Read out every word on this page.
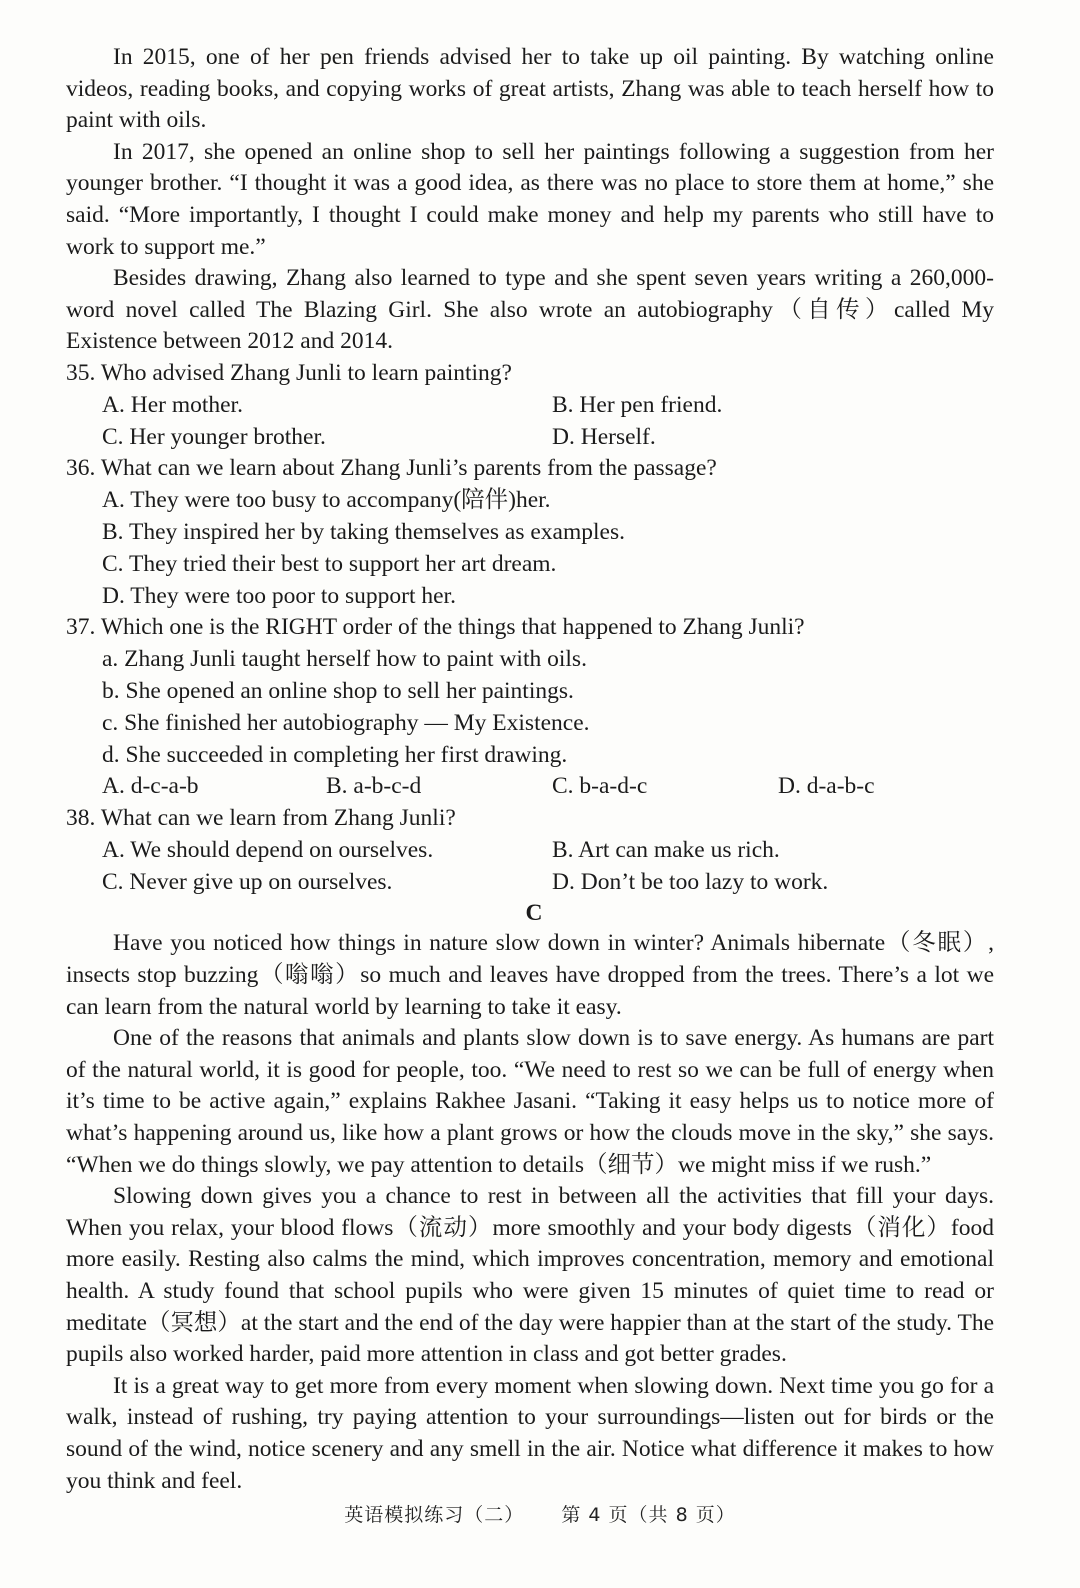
In 2015, one of her pen friends advised her to take up oil painting. By watching online videos, reading books, and copying works of great artists, Zhang was able to teach herself how to paint with oils.

In 2017, she opened an online shop to sell her paintings following a suggestion from her younger brother. “I thought it was a good idea, as there was no place to store them at home,” she said. “More importantly, I thought I could make money and help my parents who still have to work to support me.”

Besides drawing, Zhang also learned to type and she spent seven years writing a 260,000-word novel called The Blazing Girl. She also wrote an autobiography（自传）called My Existence between 2012 and 2014.

35. Who advised Zhang Junli to learn painting?

A. Her mother.	B. Her pen friend.
C. Her younger brother.	D. Herself.

36. What can we learn about Zhang Junli’s parents from the passage?

A. They were too busy to accompany(陪伴)her.
B. They inspired her by taking themselves as examples.
C. They tried their best to support her art dream.
D. They were too poor to support her.

37. Which one is the RIGHT order of the things that happened to Zhang Junli?

a. Zhang Junli taught herself how to paint with oils.
b. She opened an online shop to sell her paintings.
c. She finished her autobiography — My Existence.
d. She succeeded in completing her first drawing.
A. d-c-a-b	B. a-b-c-d	C. b-a-d-c	D. d-a-b-c

38. What can we learn from Zhang Junli?

A. We should depend on ourselves.	B. Art can make us rich.
C. Never give up on ourselves.	D. Don’t be too lazy to work.

C

Have you noticed how things in nature slow down in winter? Animals hibernate（冬眠）, insects stop buzzing（嗡嗡）so much and leaves have dropped from the trees. There’s a lot we can learn from the natural world by learning to take it easy.

One of the reasons that animals and plants slow down is to save energy. As humans are part of the natural world, it is good for people, too. “We need to rest so we can be full of energy when it’s time to be active again,” explains Rakhee Jasani. “Taking it easy helps us to notice more of what’s happening around us, like how a plant grows or how the clouds move in the sky,” she says. “When we do things slowly, we pay attention to details（细节）we might miss if we rush.”

Slowing down gives you a chance to rest in between all the activities that fill your days. When you relax, your blood flows（流动）more smoothly and your body digests（消化）food more easily. Resting also calms the mind, which improves concentration, memory and emotional health. A study found that school pupils who were given 15 minutes of quiet time to read or meditate（冥想）at the start and the end of the day were happier than at the start of the study. The pupils also worked harder, paid more attention in class and got better grades.

It is a great way to get more from every moment when slowing down. Next time you go for a walk, instead of rushing, try paying attention to your surroundings—listen out for birds or the sound of the wind, notice scenery and any smell in the air. Notice what difference it makes to how you think and feel.

英语模拟练习（二） 第 4 页（共 8 页）
